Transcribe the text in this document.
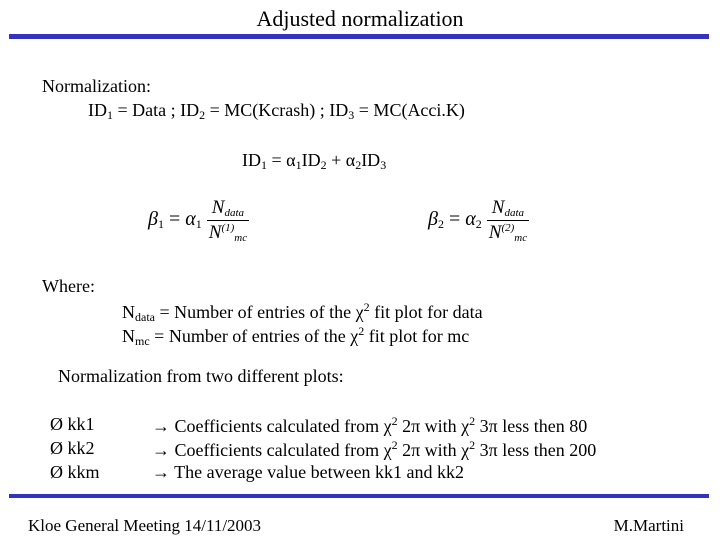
Adjusted normalization
Normalization:
$ID_1$ = Data ; $ID_2$ = MC(Kcrash) ; $ID_3$ = MC(Acci.K)
$ID_1 = \alpha_1ID_2 + \alpha_2ID_3$
$\beta_1 = \alpha_1 \frac{N_{data}}{N^{(1)}_{mc}}$	$\beta_2 = \alpha_2 \frac{N_{data}}{N^{(2)}_{mc}}$
Where:
$N_{data}$ = Number of entries of the $\chi^2$ fit plot for data
$N_{mc}$ = Number of entries of the $\chi^2$ fit plot for mc
Normalization from two different plots:
Ø kk1	→ Coefficients calculated from $\chi^2$ 2π with $\chi^2$ 3π less then 80
Ø kk2	→ Coefficients calculated from $\chi^2$ 2π with $\chi^2$ 3π less then 200
Ø kkm	→ The average value between kk1 and kk2
Kloe General Meeting 14/11/2003	M.Martini
